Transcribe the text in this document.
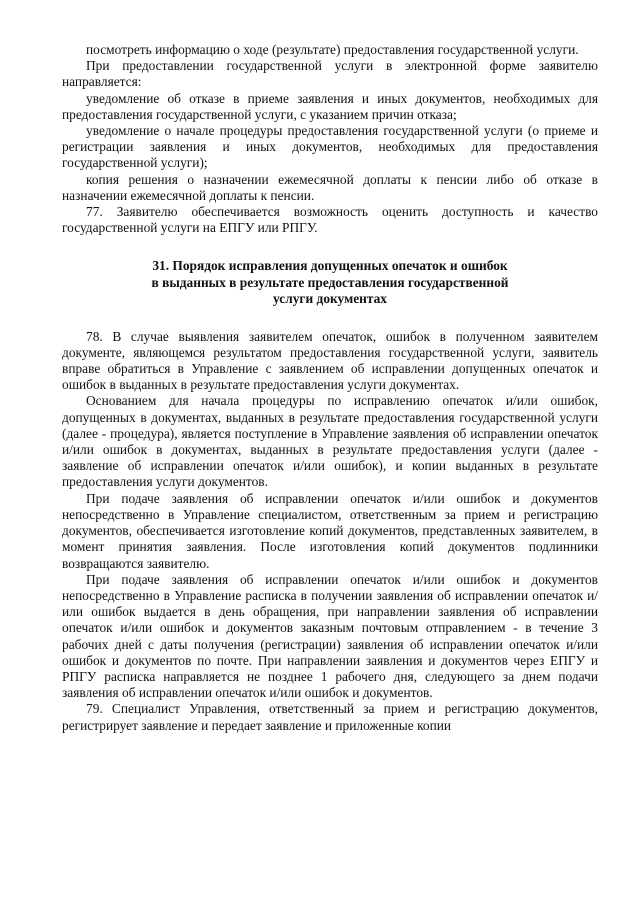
посмотреть информацию о ходе (результате) предоставления государственной услуги.

При предоставлении государственной услуги в электронной форме заявителю направляется:

уведомление об отказе в приеме заявления и иных документов, необходимых для предоставления государственной услуги, с указанием причин отказа;

уведомление о начале процедуры предоставления государственной услуги (о приеме и регистрации заявления и иных документов, необходимых для предоставления государственной услуги);

копия решения о назначении ежемесячной доплаты к пенсии либо об отказе в назначении ежемесячной доплаты к пенсии.

77. Заявителю обеспечивается возможность оценить доступность и качество государственной услуги на ЕПГУ или РПГУ.

31. Порядок исправления допущенных опечаток и ошибок
в выданных в результате предоставления государственной
услуги документах

78. В случае выявления заявителем опечаток, ошибок в полученном заявителем документе, являющемся результатом предоставления государственной услуги, заявитель вправе обратиться в Управление с заявлением об исправлении допущенных опечаток и ошибок в выданных в результате предоставления услуги документах.

Основанием для начала процедуры по исправлению опечаток и/или ошибок, допущенных в документах, выданных в результате предоставления государственной услуги (далее - процедура), является поступление в Управление заявления об исправлении опечаток и/или ошибок в документах, выданных в результате предоставления услуги (далее - заявление об исправлении опечаток и/или ошибок), и копии выданных в результате предоставления услуги документов.

При подаче заявления об исправлении опечаток и/или ошибок и документов непосредственно в Управление специалистом, ответственным за прием и регистрацию документов, обеспечивается изготовление копий документов, представленных заявителем, в момент принятия заявления. После изготовления копий документов подлинники возвращаются заявителю.

При подаче заявления об исправлении опечаток и/или ошибок и документов непосредственно в Управление расписка в получении заявления об исправлении опечаток и/или ошибок выдается в день обращения, при направлении заявления об исправлении опечаток и/или ошибок и документов заказным почтовым отправлением - в течение 3 рабочих дней с даты получения (регистрации) заявления об исправлении опечаток и/или ошибок и документов по почте. При направлении заявления и документов через ЕПГУ и РПГУ расписка направляется не позднее 1 рабочего дня, следующего за днем подачи заявления об исправлении опечаток и/или ошибок и документов.

79. Специалист Управления, ответственный за прием и регистрацию документов, регистрирует заявление и передает заявление и приложенные копии
